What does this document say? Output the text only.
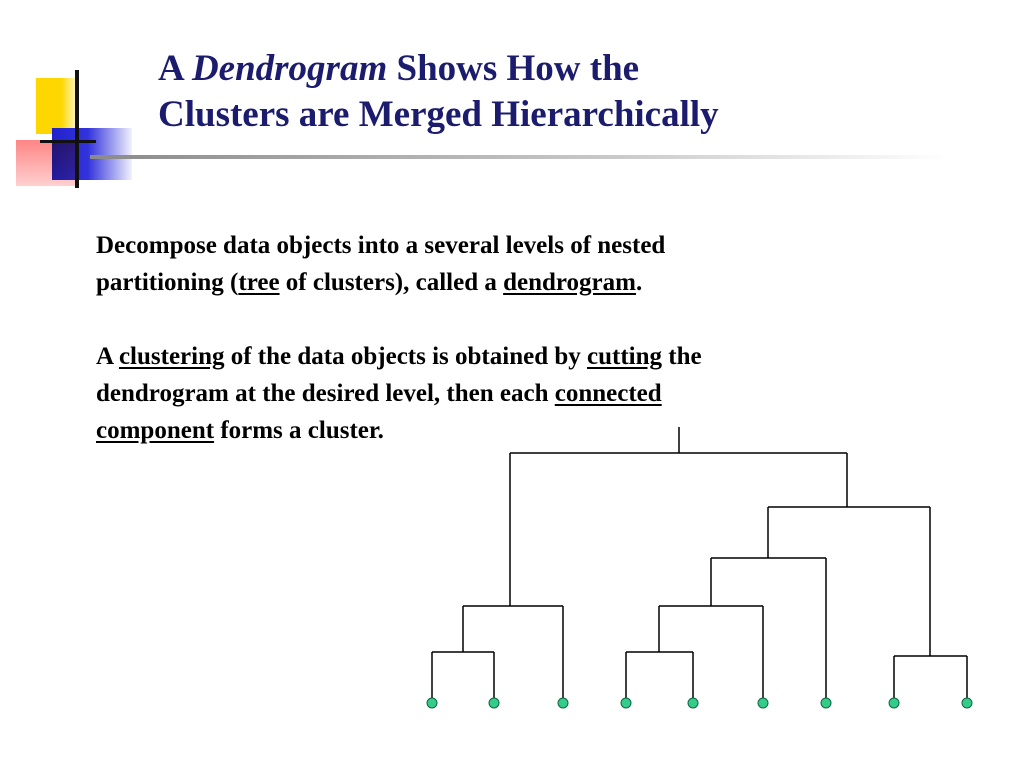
A Dendrogram Shows How the
Clusters are Merged Hierarchically

Decompose data objects into a several levels of nested
partitioning (tree of clusters), called a dendrogram.

A clustering of the data objects is obtained by cutting the
dendrogram at the desired level, then each connected
component forms a cluster.
